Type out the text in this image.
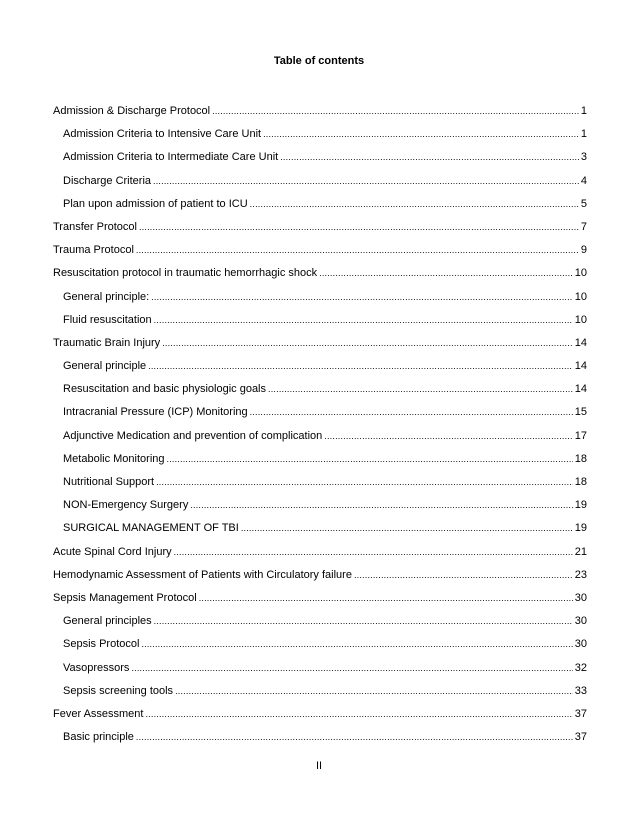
Table of contents
Admission & Discharge Protocol .....	1
Admission Criteria to Intensive Care Unit .....	1
Admission Criteria to Intermediate Care Unit .....	3
Discharge Criteria .....	4
Plan upon admission of patient to ICU .....	5
Transfer Protocol .....	7
Trauma Protocol .....	9
Resuscitation protocol in traumatic hemorrhagic shock .....	10
General principle: .....	10
Fluid resuscitation .....	10
Traumatic Brain Injury .....	14
General principle .....	14
Resuscitation and basic physiologic goals .....	14
Intracranial Pressure (ICP) Monitoring .....	15
Adjunctive Medication and prevention of complication .....	17
Metabolic Monitoring .....	18
Nutritional Support .....	18
NON-Emergency Surgery .....	19
SURGICAL MANAGEMENT OF TBI .....	19
Acute Spinal Cord Injury .....	21
Hemodynamic Assessment of Patients with Circulatory failure .....	23
Sepsis Management Protocol .....	30
General principles .....	30
Sepsis Protocol .....	30
Vasopressors .....	32
Sepsis screening tools .....	33
Fever Assessment .....	37
Basic principle .....	37
II
